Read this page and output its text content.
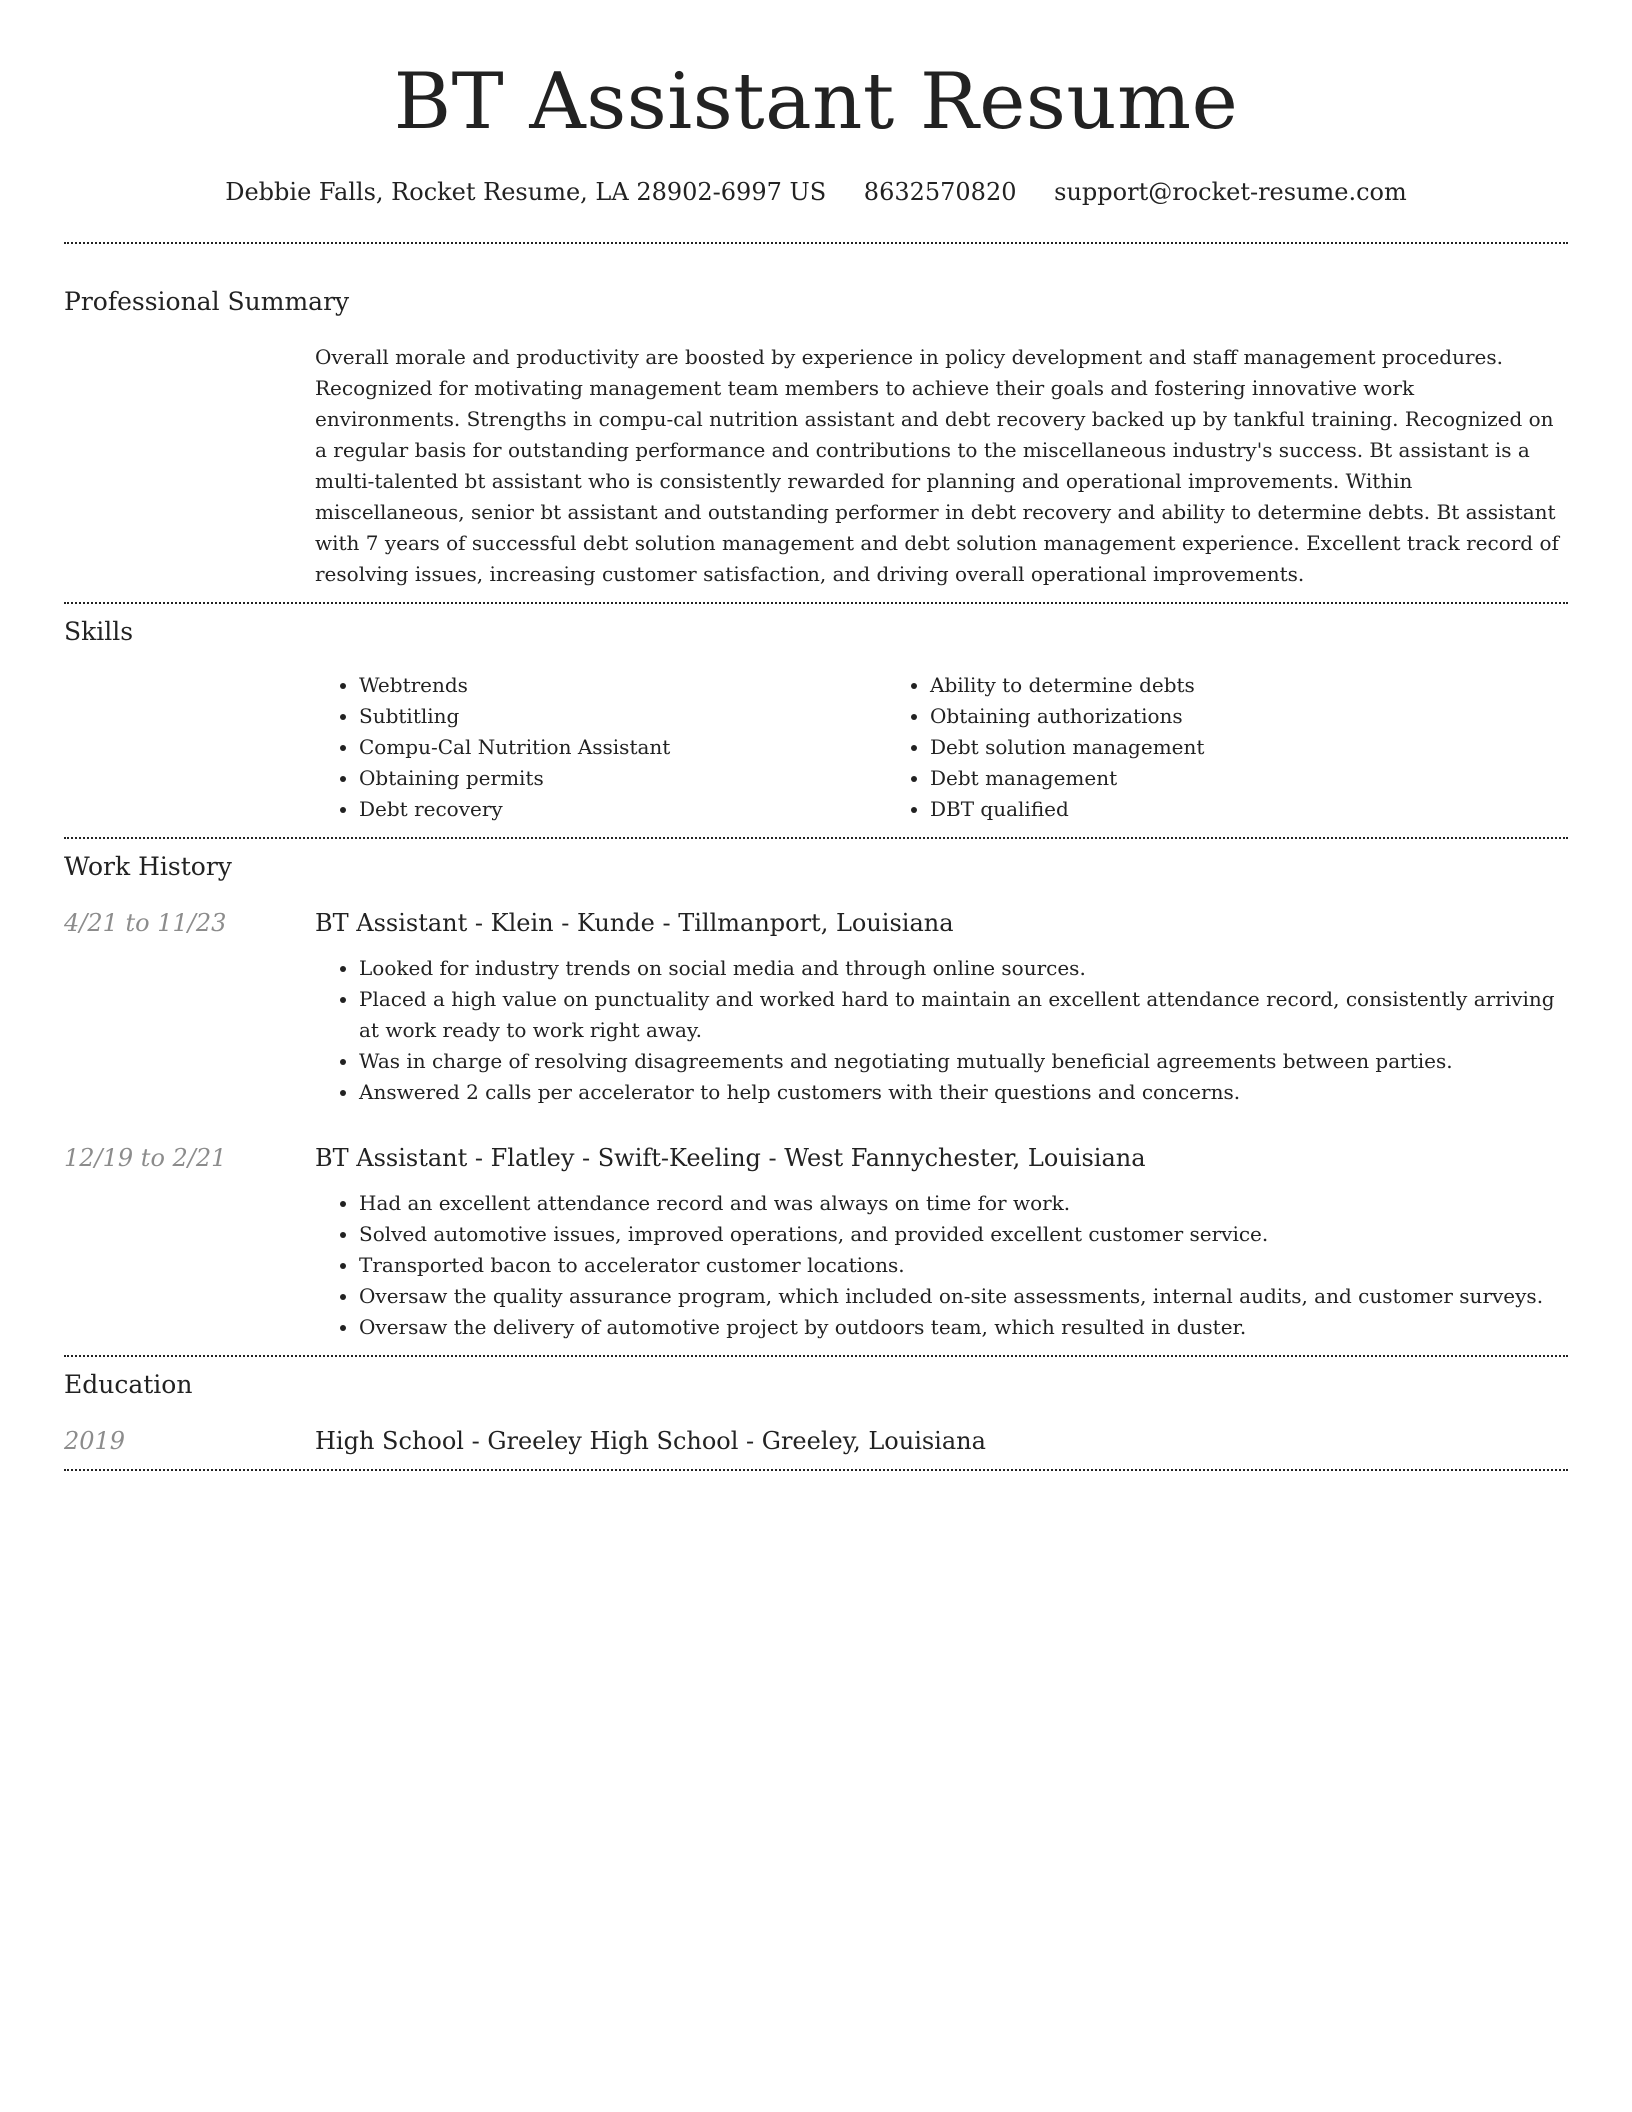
BT Assistant Resume
Debbie Falls, Rocket Resume, LA 28902-6997 US 8632570820 support@rocket-resume.com
Professional Summary

Overall morale and productivity are boosted by experience in policy development and staff management procedures. Recognized for motivating management team members to achieve their goals and fostering innovative work environments. Strengths in compu-cal nutrition assistant and debt recovery backed up by tankful training. Recognized on a regular basis for outstanding performance and contributions to the miscellaneous industry's success. Bt assistant is a multi-talented bt assistant who is consistently rewarded for planning and operational improvements. Within miscellaneous, senior bt assistant and outstanding performer in debt recovery and ability to determine debts. Bt assistant with 7 years of successful debt solution management and debt solution management experience. Excellent track record of resolving issues, increasing customer satisfaction, and driving overall operational improvements.

Skills
• Webtrends
• Subtitling
• Compu-Cal Nutrition Assistant
• Obtaining permits
• Debt recovery
• Ability to determine debts
• Obtaining authorizations
• Debt solution management
• Debt management
• DBT qualified
Work History
4/21 to 11/23	BT Assistant - Klein - Kunde - Tillmanport, Louisiana
• Looked for industry trends on social media and through online sources.
• Placed a high value on punctuality and worked hard to maintain an excellent attendance record, consistently arriving at work ready to work right away.
• Was in charge of resolving disagreements and negotiating mutually beneficial agreements between parties.
• Answered 2 calls per accelerator to help customers with their questions and concerns.
12/19 to 2/21	BT Assistant - Flatley - Swift-Keeling - West Fannychester, Louisiana
• Had an excellent attendance record and was always on time for work.
• Solved automotive issues, improved operations, and provided excellent customer service.
• Transported bacon to accelerator customer locations.
• Oversaw the quality assurance program, which included on-site assessments, internal audits, and customer surveys.
• Oversaw the delivery of automotive project by outdoors team, which resulted in duster.
Education
2019	High School - Greeley High School - Greeley, Louisiana
